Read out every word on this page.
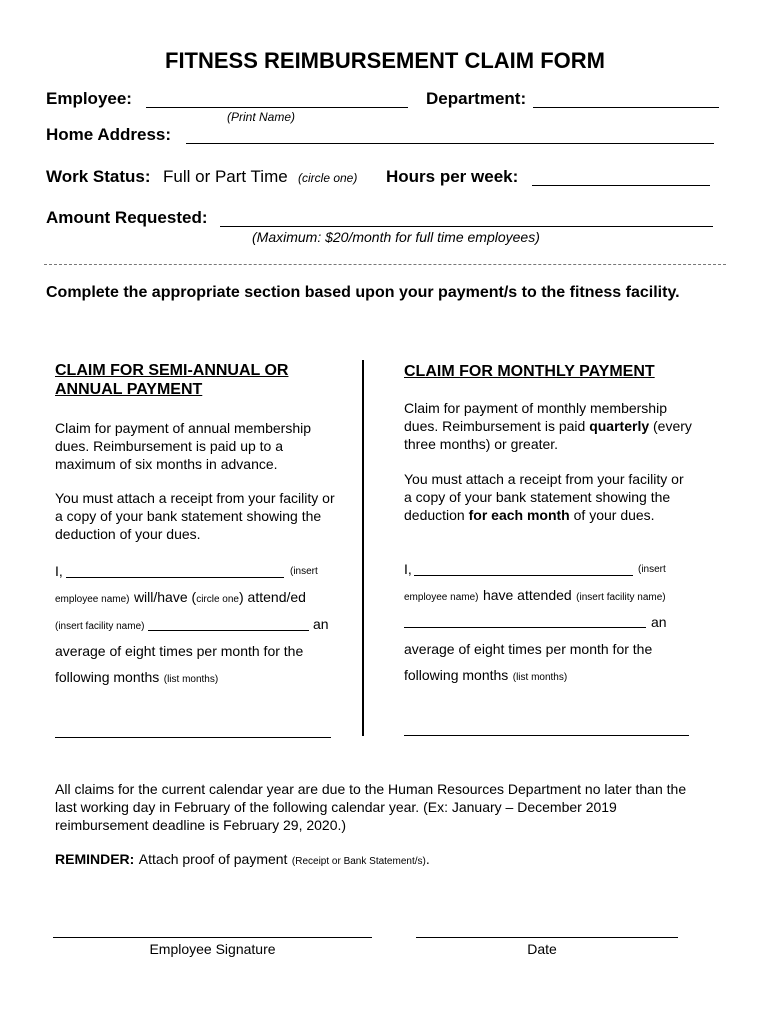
FITNESS REIMBURSEMENT CLAIM FORM
Employee:
(Print Name)
Department:
Home Address:
Work Status: Full or Part Time (circle one) Hours per week:
Amount Requested:
(Maximum: $20/month for full time employees)
Complete the appropriate section based upon your payment/s to the fitness facility.
CLAIM FOR SEMI-ANNUAL OR ANNUAL PAYMENT
Claim for payment of annual membership dues. Reimbursement is paid up to a maximum of six months in advance.
You must attach a receipt from your facility or a copy of your bank statement showing the deduction of your dues.
I,	(insert
employee name) will/have (circle one) attend/ed
(insert facility name)	an
average of eight times per month for the
following months (list months)
CLAIM FOR MONTHLY PAYMENT
Claim for payment of monthly membership dues. Reimbursement is paid quarterly (every three months) or greater.
You must attach a receipt from your facility or a copy of your bank statement showing the deduction for each month of your dues.
I,	(insert
employee name) have attended (insert facility name)
an
average of eight times per month for the
following months (list months)
All claims for the current calendar year are due to the Human Resources Department no later than the last working day in February of the following calendar year. (Ex: January – December 2019 reimbursement deadline is February 29, 2020.)
REMINDER: Attach proof of payment (Receipt or Bank Statement/s).
Employee Signature	Date
